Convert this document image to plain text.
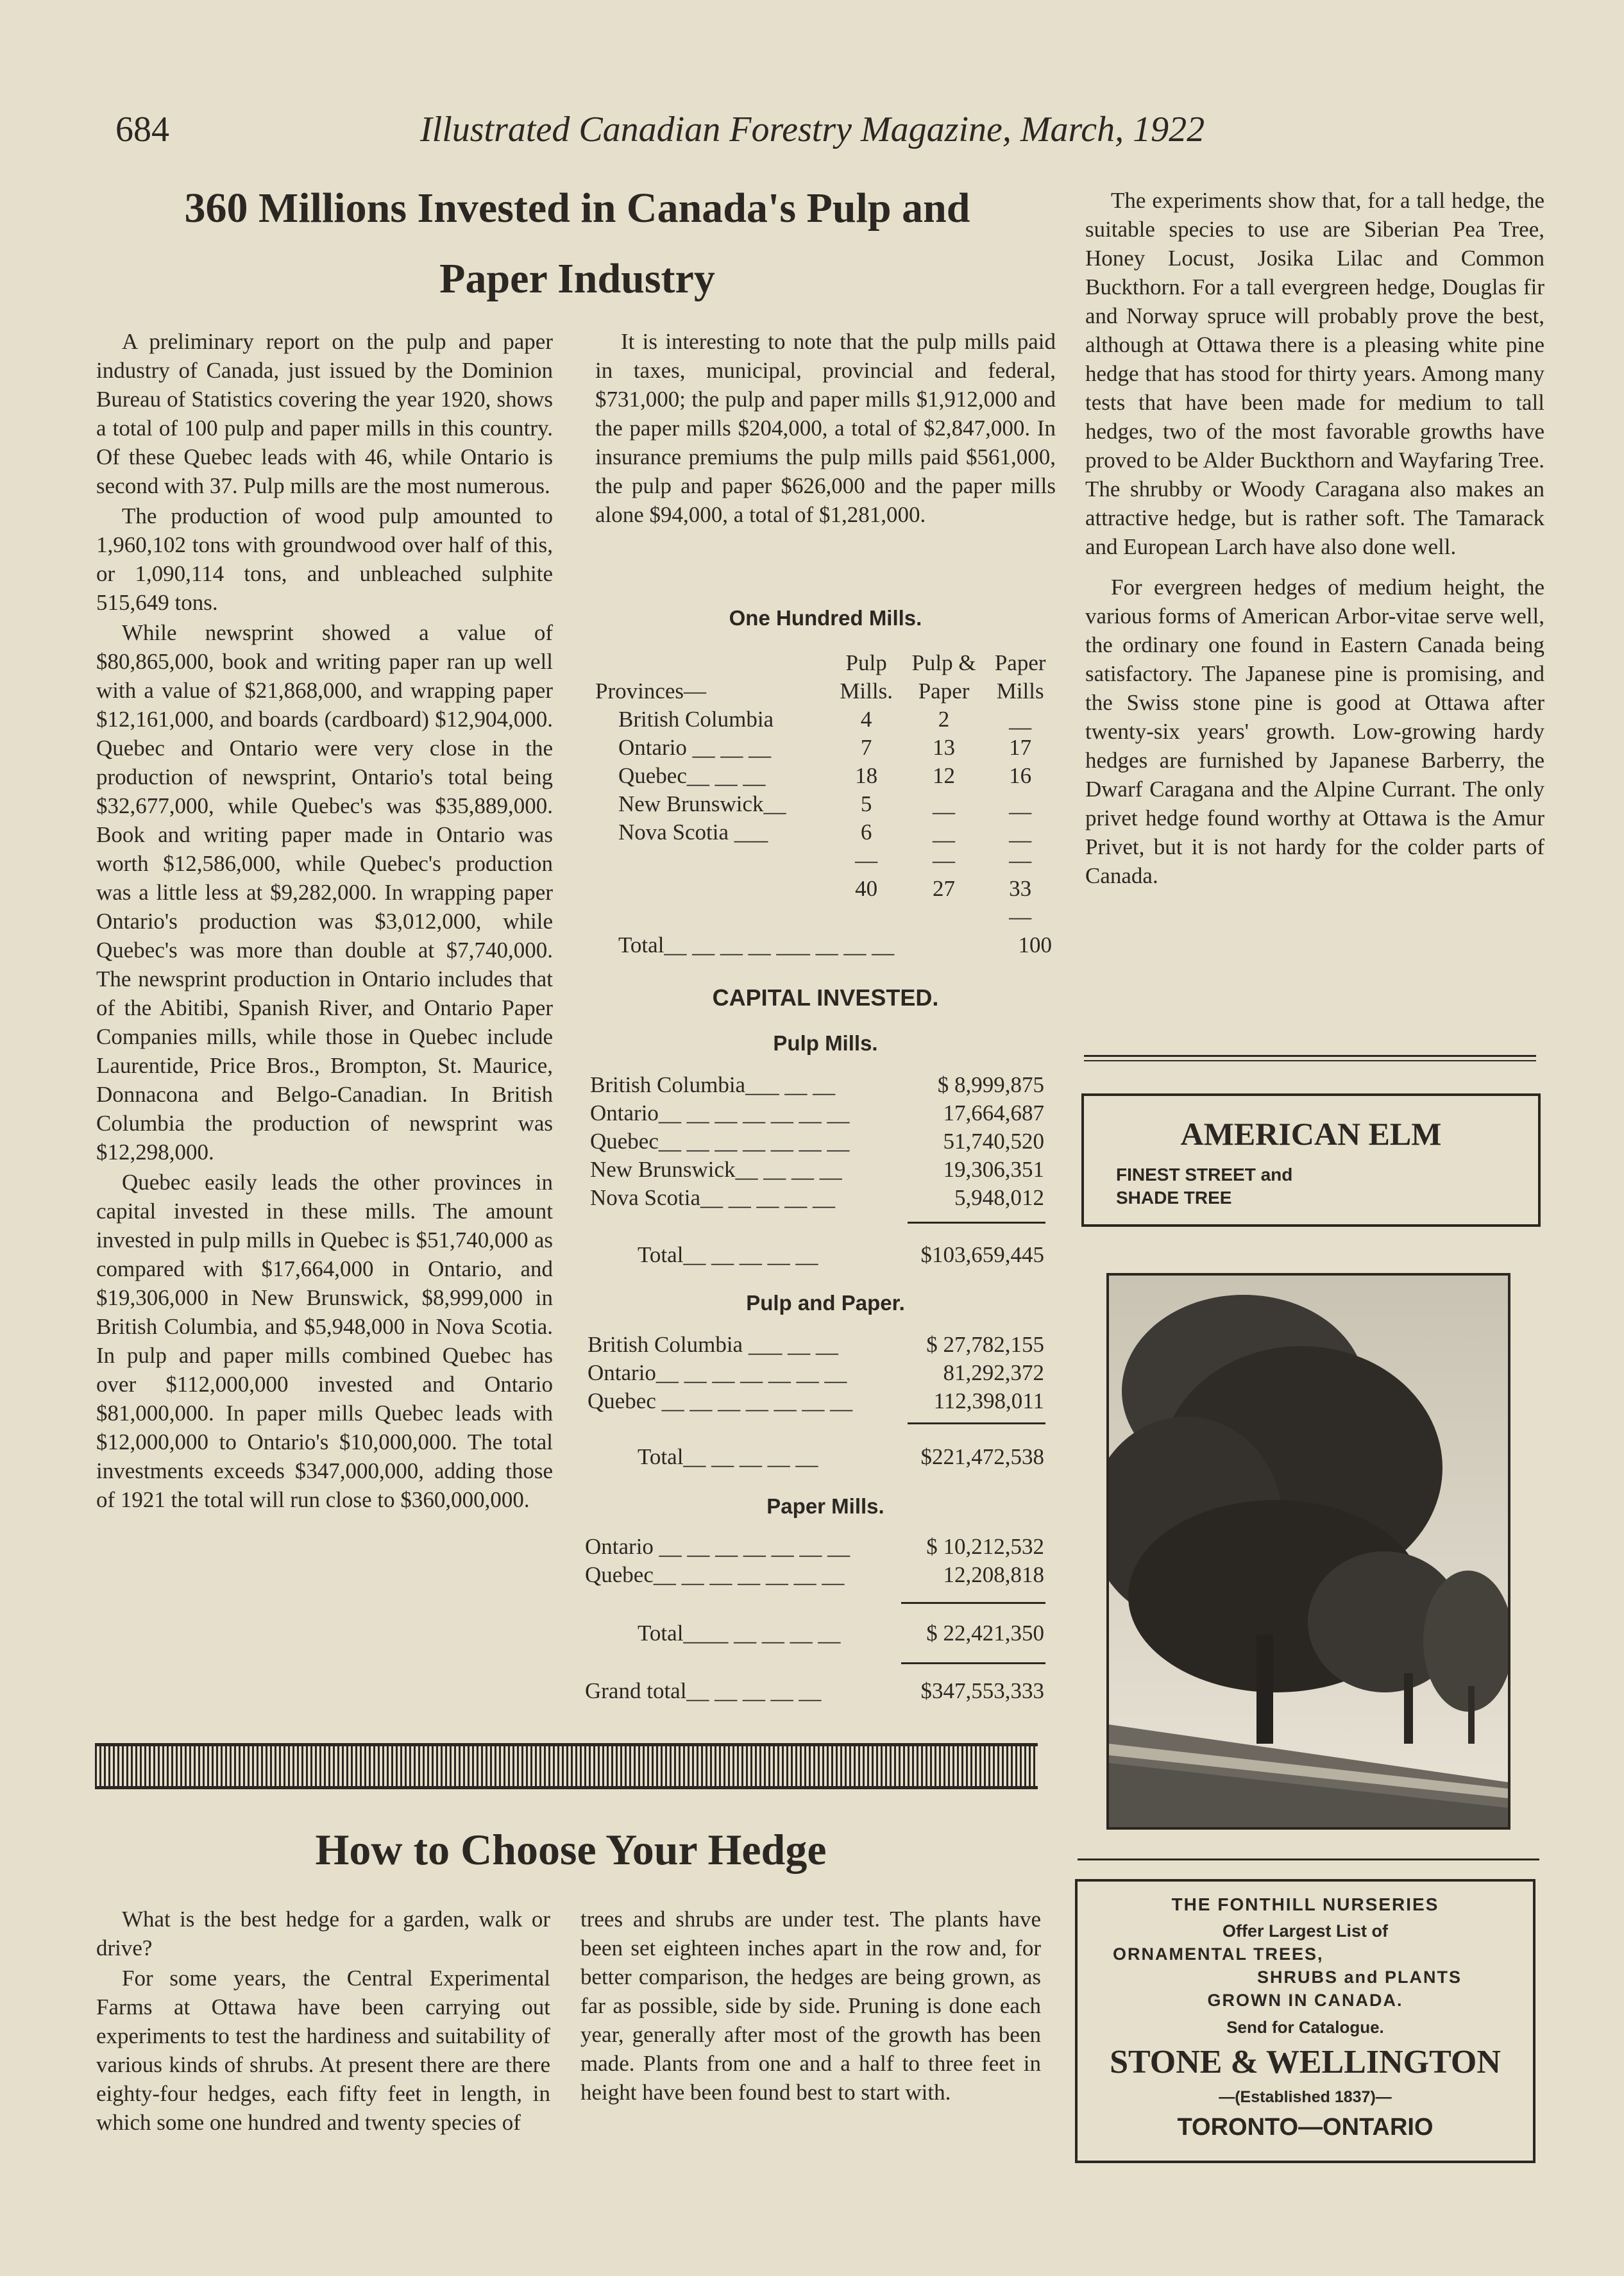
684	Illustrated Canadian Forestry Magazine, March, 1922
360 Millions Invested in Canada's Pulp and
Paper Industry

A preliminary report on the pulp and paper industry of Canada, just issued by the Dominion Bureau of Statistics covering the year 1920, shows a total of 100 pulp and paper mills in this country. Of these Quebec leads with 46, while Ontario is second with 37. Pulp mills are the most numerous.

The production of wood pulp amounted to 1,960,102 tons with groundwood over half of this, or 1,090,114 tons, and unbleached sulphite 515,649 tons.

While newsprint showed a value of $80,865,000, book and writing paper ran up well with a value of $21,868,000, and wrapping paper $12,161,000, and boards (cardboard) $12,904,000. Quebec and Ontario were very close in the production of newsprint, Ontario's total being $32,677,000, while Quebec's was $35,889,000. Book and writing paper made in Ontario was worth $12,586,000, while Quebec's production was a little less at $9,282,000. In wrapping paper Ontario's production was $3,012,000, while Quebec's was more than double at $7,740,000. The newsprint production in Ontario includes that of the Abitibi, Spanish River, and Ontario Paper Companies mills, while those in Quebec include Laurentide, Price Bros., Brompton, St. Maurice, Donnacona and Belgo-Canadian. In British Columbia the production of newsprint was $12,298,000.

Quebec easily leads the other provinces in capital invested in these mills. The amount invested in pulp mills in Quebec is $51,740,000 as compared with $17,664,000 in Ontario, and $19,306,000 in New Brunswick, $8,999,000 in British Columbia, and $5,948,000 in Nova Scotia. In pulp and paper mills combined Quebec has over $112,000,000 invested and Ontario $81,000,000. In paper mills Quebec leads with $12,000,000 to Ontario's $10,000,000. The total investments exceeds $347,000,000, adding those of 1921 the total will run close to $360,000,000.

It is interesting to note that the pulp mills paid in taxes, municipal, provincial and federal, $731,000; the pulp and paper mills $1,912,000 and the paper mills $204,000, a total of $2,847,000. In insurance premiums the pulp mills paid $561,000, the pulp and paper $626,000 and the paper mills alone $94,000, a total of $1,281,000.

One Hundred Mills.
	Pulp	Pulp &	Paper
Provinces—	Mills.	Paper	Mills
British Columbia	4	2	__
Ontario __ __ __	7	13	17
Quebec__ __ __	18	12	16
New Brunswick__	5	__	__
Nova Scotia ___	6	__	__
	—	—	—
	40	27	33
			—
Total__ __ __ __ ___ __ __ __			100
CAPITAL INVESTED.
Pulp Mills.
British Columbia___ __ __	$ 8,999,875
Ontario__ __ __ __ __ __ __	17,664,687
Quebec__ __ __ __ __ __ __	51,740,520
New Brunswick__ __ __ __	19,306,351
Nova Scotia__ __ __ __ __	5,948,012
Total__ __ __ __ __	$103,659,445
Pulp and Paper.
British Columbia ___ __ __	$ 27,782,155
Ontario__ __ __ __ __ __ __	81,292,372
Quebec __ __ __ __ __ __ __	112,398,011
Total__ __ __ __ __	$221,472,538
Paper Mills.
Ontario __ __ __ __ __ __ __	$ 10,212,532
Quebec__ __ __ __ __ __ __	12,208,818
Total____ __ __ __ __	$ 22,421,350
Grand total__ __ __ __ __	$347,553,333

The experiments show that, for a tall hedge, the suitable species to use are Siberian Pea Tree, Honey Locust, Josika Lilac and Common Buckthorn. For a tall evergreen hedge, Douglas fir and Norway spruce will probably prove the best, although at Ottawa there is a pleasing white pine hedge that has stood for thirty years. Among many tests that have been made for medium to tall hedges, two of the most favorable growths have proved to be Alder Buckthorn and Wayfaring Tree. The shrubby or Woody Caragana also makes an attractive hedge, but is rather soft. The Tamarack and European Larch have also done well.

For evergreen hedges of medium height, the various forms of American Arbor-vitae serve well, the ordinary one found in Eastern Canada being satisfactory. The Japanese pine is promising, and the Swiss stone pine is good at Ottawa after twenty-six years' growth. Low-growing hardy hedges are furnished by Japanese Barberry, the Dwarf Caragana and the Alpine Currant. The only privet hedge found worthy at Ottawa is the Amur Privet, but it is not hardy for the colder parts of Canada.

AMERICAN ELM
FINEST STREET and
SHADE TREE
How to Choose Your Hedge

What is the best hedge for a garden, walk or drive?

For some years, the Central Experimental Farms at Ottawa have been carrying out experiments to test the hardiness and suitability of various kinds of shrubs. At present there are there eighty-four hedges, each fifty feet in length, in which some one hundred and twenty species of

trees and shrubs are under test. The plants have been set eighteen inches apart in the row and, for better comparison, the hedges are being grown, as far as possible, side by side. Pruning is done each year, generally after most of the growth has been made. Plants from one and a half to three feet in height have been found best to start with.

THE FONTHILL NURSERIES
Offer Largest List of
ORNAMENTAL TREES,
SHRUBS and PLANTS
GROWN IN CANADA.
Send for Catalogue.
STONE & WELLINGTON
—(Established 1837)—
TORONTO—ONTARIO
